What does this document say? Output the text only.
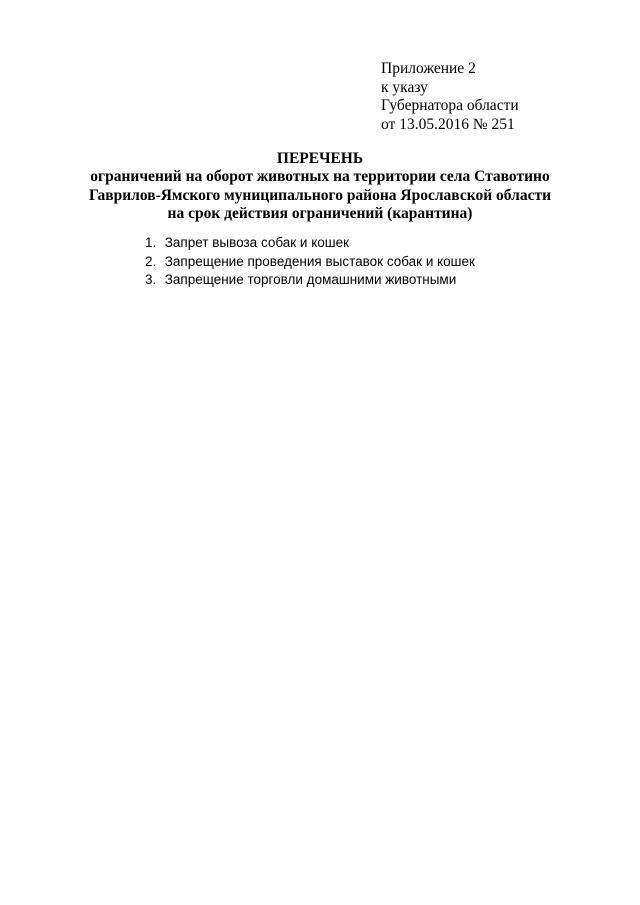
Приложение 2
к указу
Губернатора области
от 13.05.2016 № 251
ПЕРЕЧЕНЬ
ограничений на оборот животных на территории села Ставотино
Гаврилов-Ямского муниципального района Ярославской области
на срок действия ограничений (карантина)
1. Запрет вывоза собак и кошек
2. Запрещение проведения выставок собак и кошек
3. Запрещение торговли домашними животными
